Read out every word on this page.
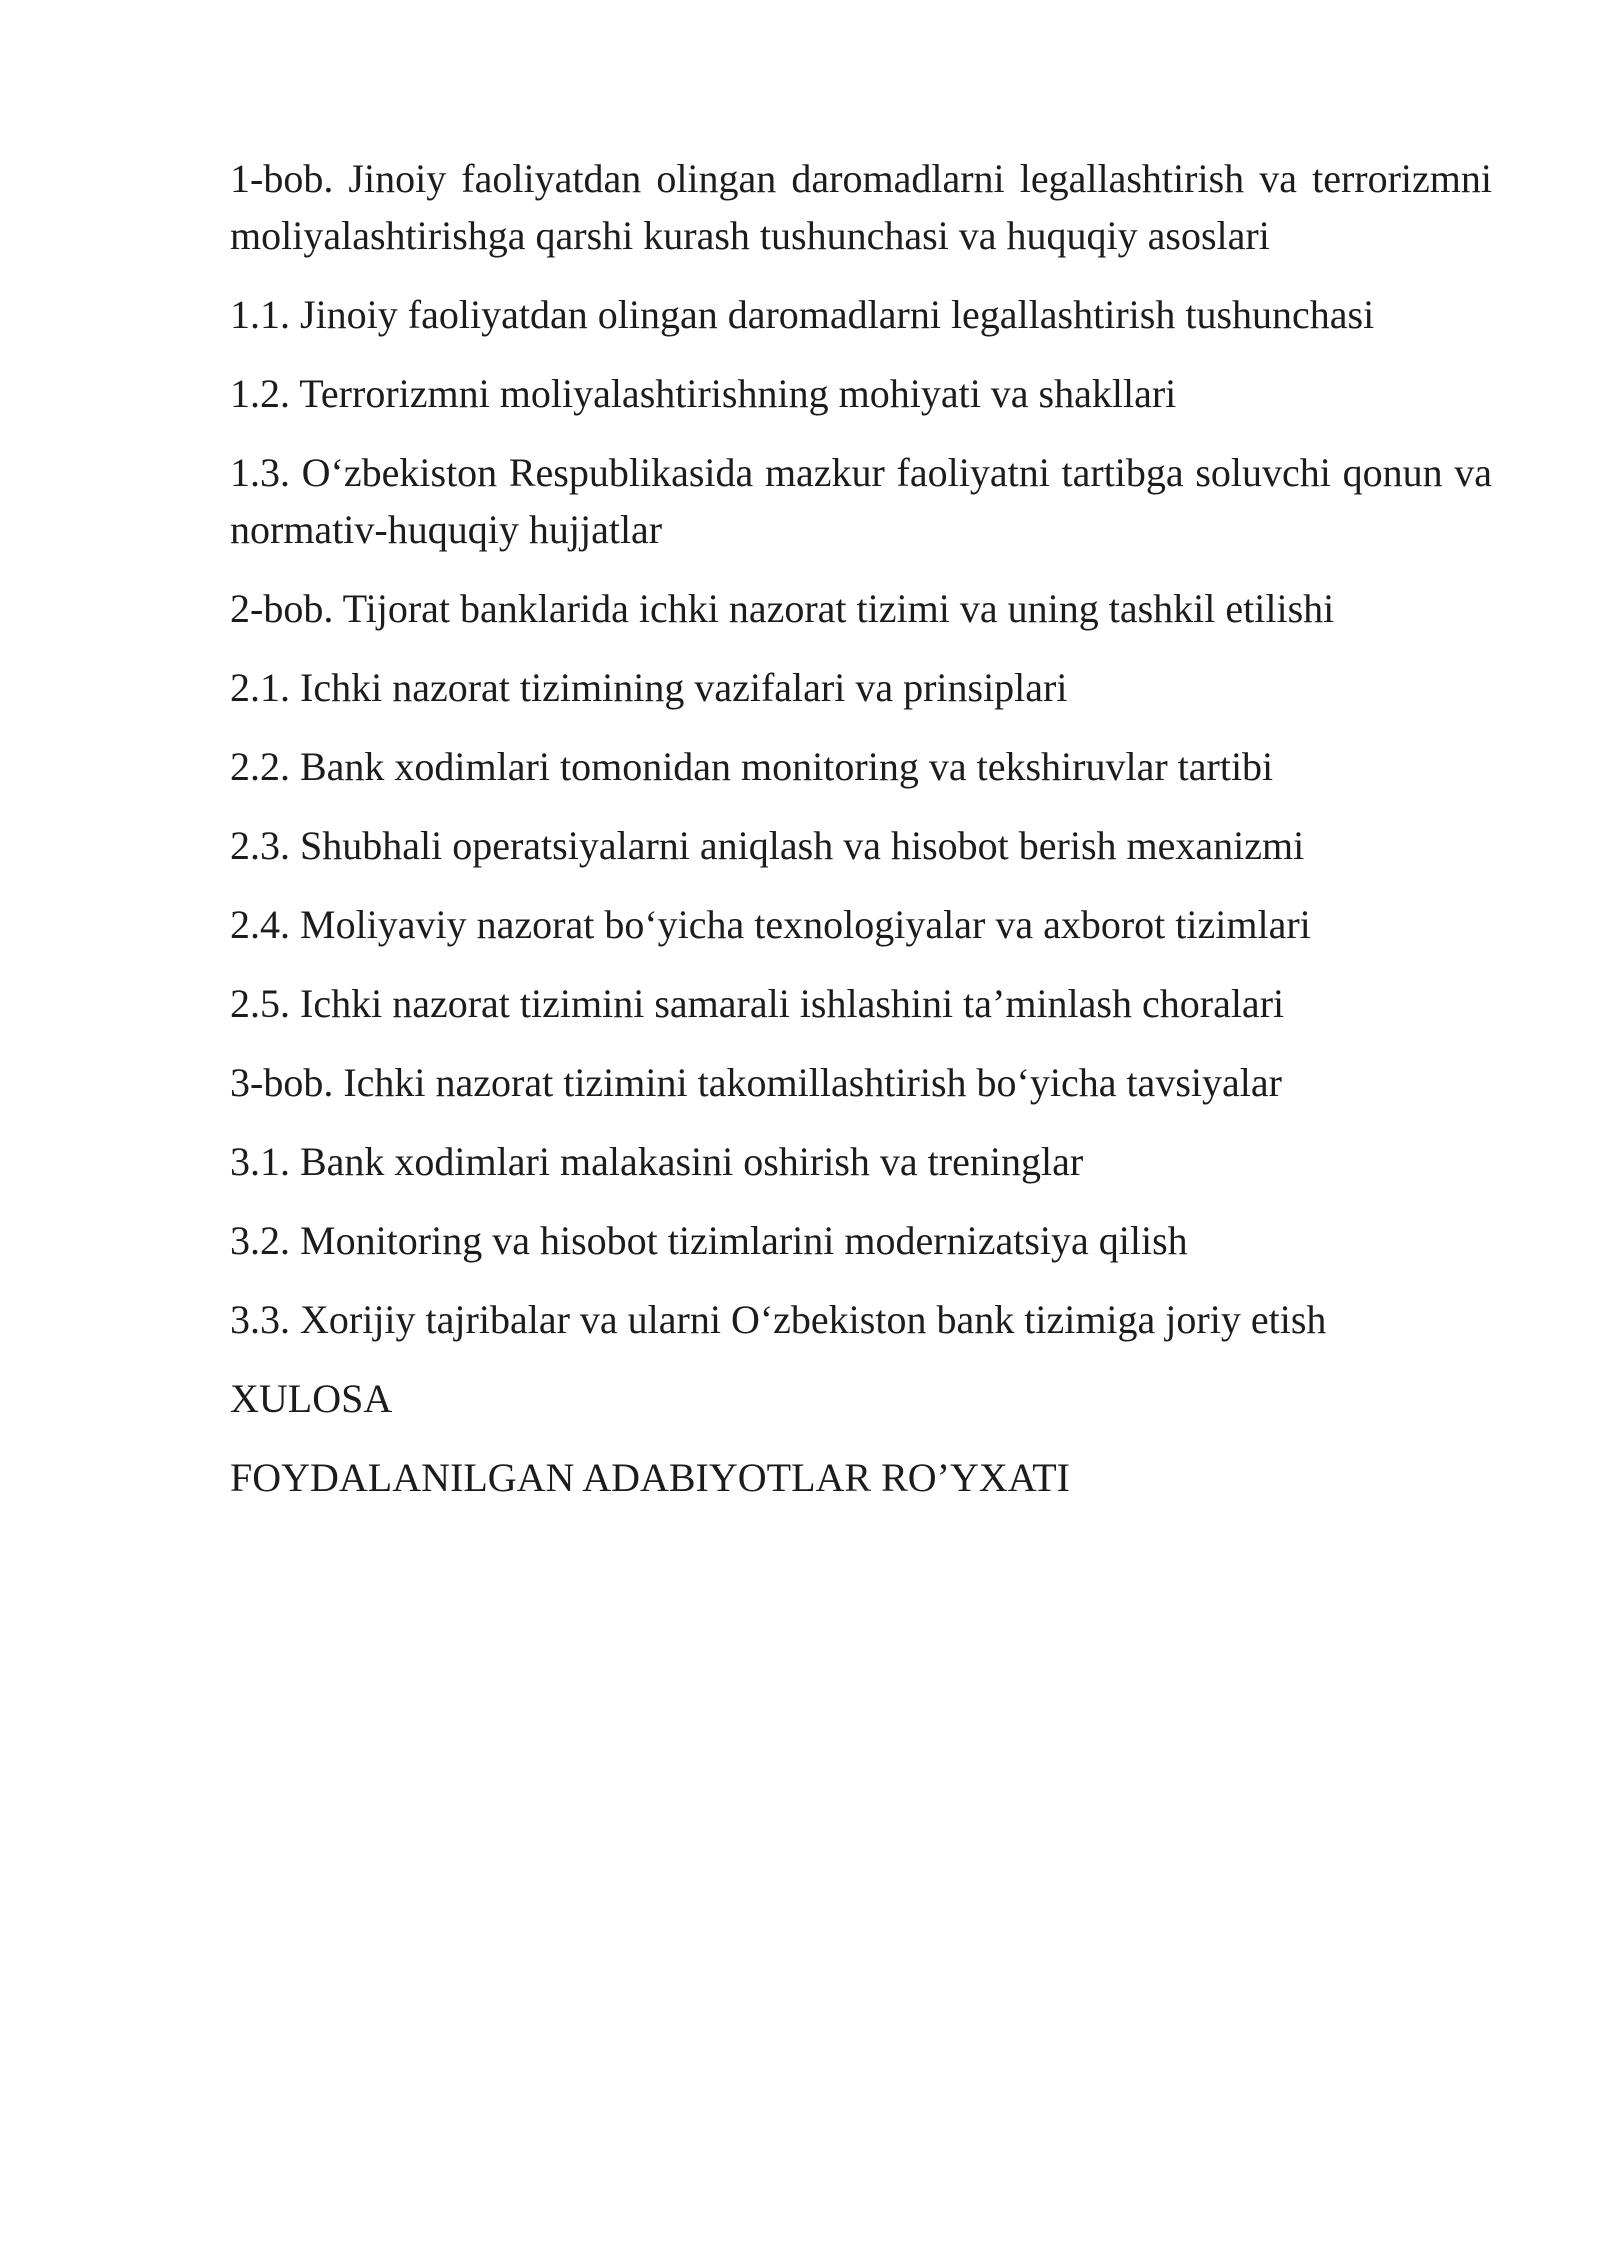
1-bob. Jinoiy faoliyatdan olingan daromadlarni legallashtirish va terrorizmni moliyalashtirishga qarshi kurash tushunchasi va huquqiy asoslari

1.1. Jinoiy faoliyatdan olingan daromadlarni legallashtirish tushunchasi

1.2. Terrorizmni moliyalashtirishning mohiyati va shakllari

1.3. O‘zbekiston Respublikasida mazkur faoliyatni tartibga soluvchi qonun va normativ-huquqiy hujjatlar

2-bob. Tijorat banklarida ichki nazorat tizimi va uning tashkil etilishi

2.1. Ichki nazorat tizimining vazifalari va prinsiplari

2.2. Bank xodimlari tomonidan monitoring va tekshiruvlar tartibi

2.3. Shubhali operatsiyalarni aniqlash va hisobot berish mexanizmi

2.4. Moliyaviy nazorat bo‘yicha texnologiyalar va axborot tizimlari

2.5. Ichki nazorat tizimini samarali ishlashini ta’minlash choralari

3-bob. Ichki nazorat tizimini takomillashtirish bo‘yicha tavsiyalar

3.1. Bank xodimlari malakasini oshirish va treninglar

3.2. Monitoring va hisobot tizimlarini modernizatsiya qilish

3.3. Xorijiy tajribalar va ularni O‘zbekiston bank tizimiga joriy etish

XULOSA

FOYDALANILGAN ADABIYOTLAR RO’YXATI
